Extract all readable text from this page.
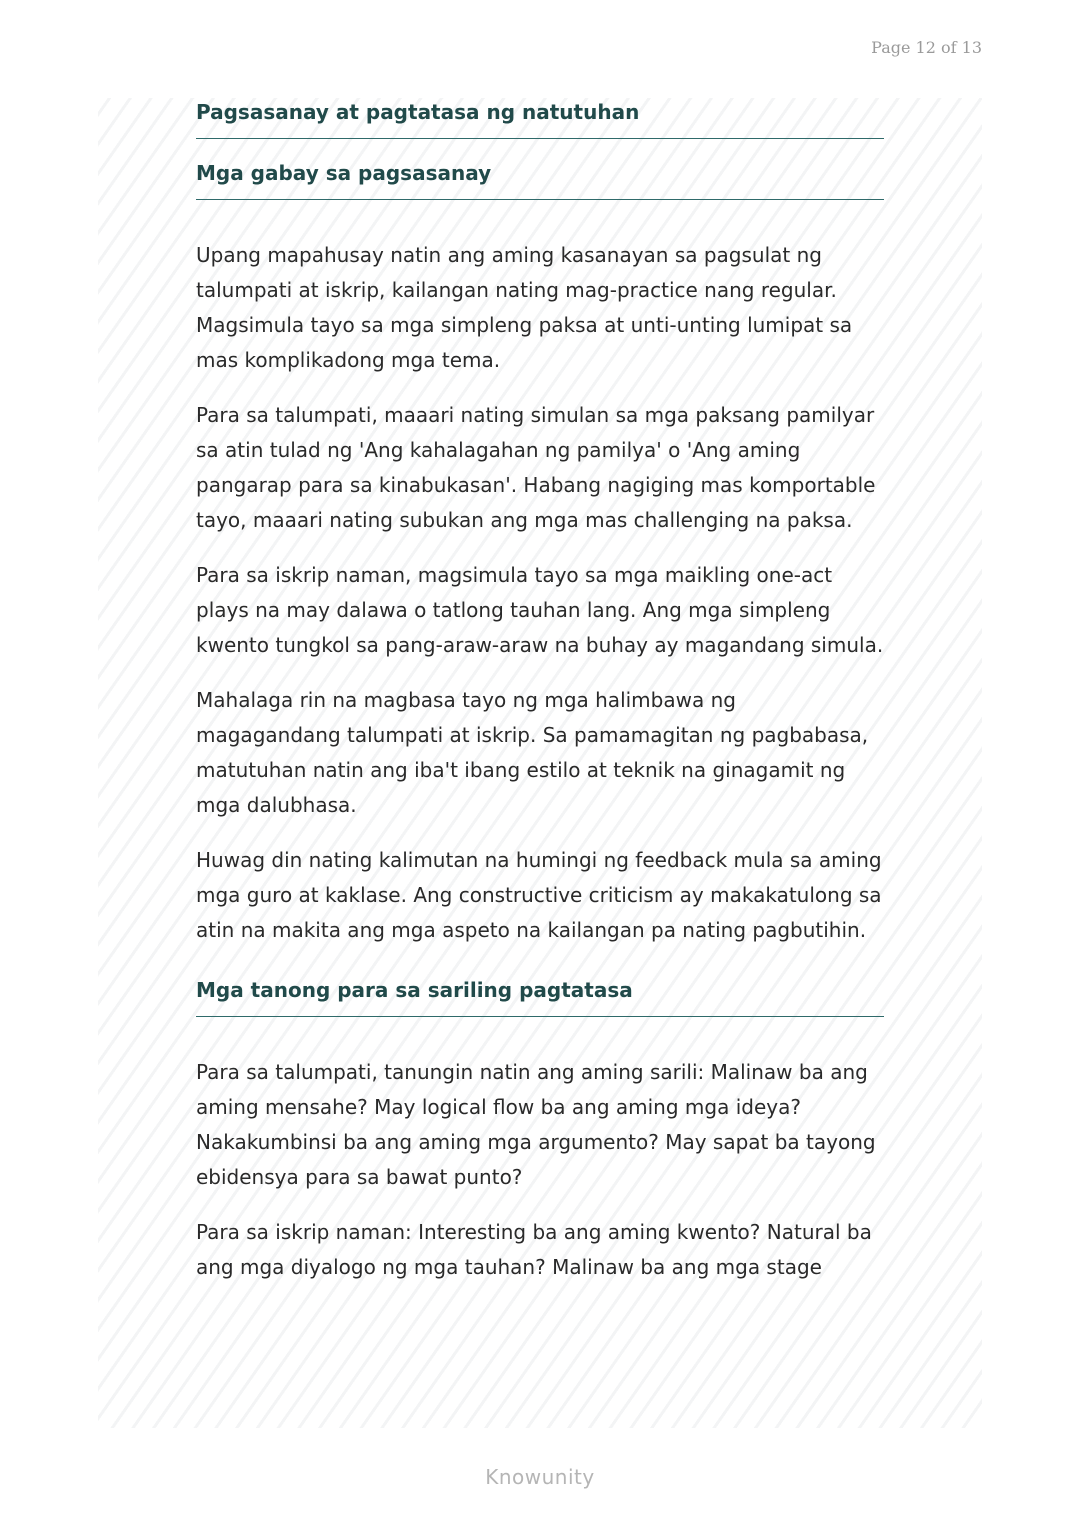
Page 12 of 13
Pagsasanay at pagtatasa ng natutuhan
Mga gabay sa pagsasanay

Upang mapahusay natin ang aming kasanayan sa pagsulat ng talumpati at iskrip, kailangan nating mag-practice nang regular. Magsimula tayo sa mga simpleng paksa at unti-unting lumipat sa mas komplikadong mga tema.

Para sa talumpati, maaari nating simulan sa mga paksang pamilyar sa atin tulad ng 'Ang kahalagahan ng pamilya' o 'Ang aming pangarap para sa kinabukasan'. Habang nagiging mas komportable tayo, maaari nating subukan ang mga mas challenging na paksa.

Para sa iskrip naman, magsimula tayo sa mga maikling one-act plays na may dalawa o tatlong tauhan lang. Ang mga simpleng kwento tungkol sa pang-araw-araw na buhay ay magandang simula.

Mahalaga rin na magbasa tayo ng mga halimbawa ng magagandang talumpati at iskrip. Sa pamamagitan ng pagbabasa, matutuhan natin ang iba't ibang estilo at teknik na ginagamit ng mga dalubhasa.

Huwag din nating kalimutan na humingi ng feedback mula sa aming mga guro at kaklase. Ang constructive criticism ay makakatulong sa atin na makita ang mga aspeto na kailangan pa nating pagbutihin.

Mga tanong para sa sariling pagtatasa

Para sa talumpati, tanungin natin ang aming sarili: Malinaw ba ang aming mensahe? May logical flow ba ang aming mga ideya? Nakakumbinsi ba ang aming mga argumento? May sapat ba tayong ebidensya para sa bawat punto?

Para sa iskrip naman: Interesting ba ang aming kwento? Natural ba ang mga diyalogo ng mga tauhan? Malinaw ba ang mga stage

Knowunity
